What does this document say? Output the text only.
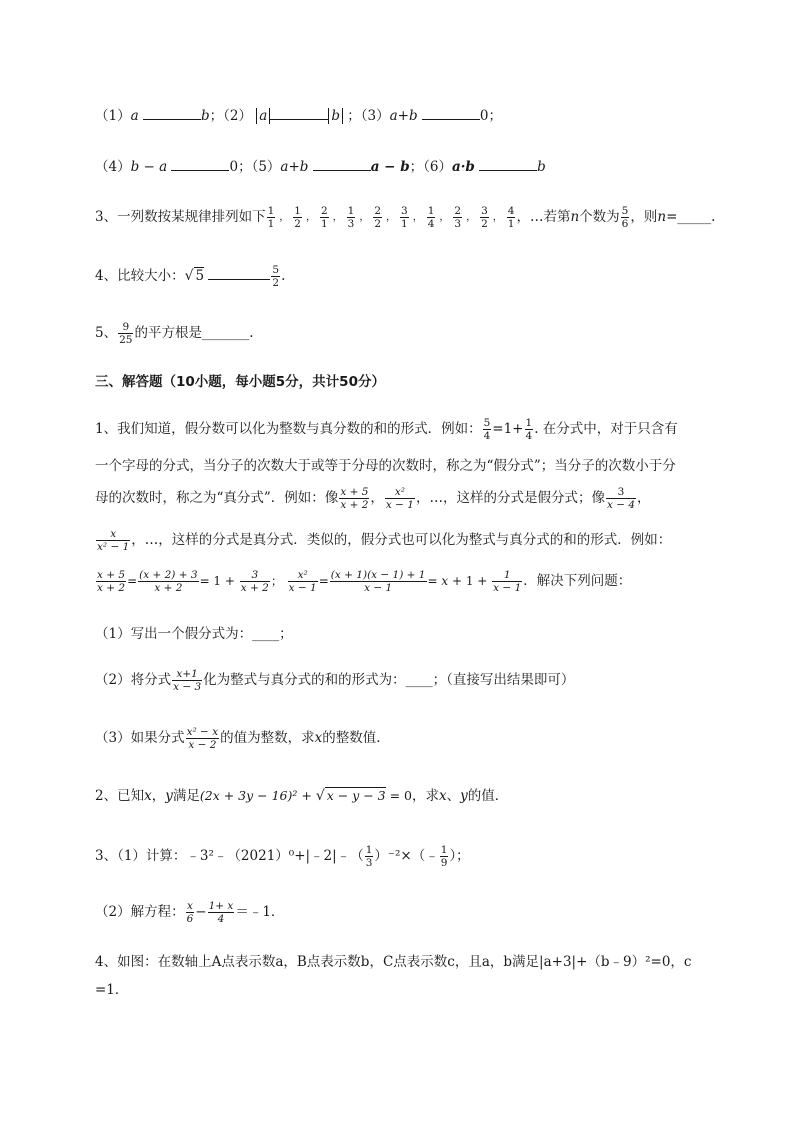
（1）a	b；（2） a	b ；（3）a+b	0；
（4）b − a	0；（5）a+b	a − b；（6）a·b	b
3、一列数按某规律排列如下 $\frac{1}{1}$ ， $\frac{1}{2}$ ， $\frac{2}{1}$ ， $\frac{1}{3}$ ， $\frac{2}{2}$ ， $\frac{3}{1}$ ， $\frac{1}{4}$ ， $\frac{2}{3}$ ， $\frac{3}{2}$ ， $\frac{4}{1}$ ，…若第n个数为 $\frac{5}{6}$ ，则n=_____.
4、比较大小：√ 5	$\frac{5}{2}$ .
5、 $\frac{9}{25}$ 的平方根是_______.
三、解答题（10小题，每小题5分，共计50分）
1、我们知道，假分数可以化为整数与真分数的和的形式．例如： $\frac{5}{4} =1+ \frac{1}{4}$ . 在分式中，对于只含有
一个字母的分式，当分子的次数大于或等于分母的次数时，称之为“假分式”；当分子的次数小于分
母的次数时，称之为“真分式”．例如：像 $\frac{x + 5}{x + 2}$ ， $\frac{\text{x²}}{x - 1}$ ，…，这样的分式是假分式；像 $\frac{3}{x - 4}$ ，
$\frac{x}{\text{x² − 1}}$ ，…，这样的分式是真分式．类似的，假分式也可以化为整式与真分式的和的形式．例如：
$\frac{x + 5}{x + 2} = \frac{(x + 2) + 3}{x + 2} = 1 + \frac{3}{x + 2}$ ； $\frac{\text{x²}}{x - 1} = \frac{(x + 1)(x - 1) + 1}{x - 1} = x + 1 + \frac{1}{x - 1}$ ．解决下列问题：
（1）写出一个假分式为：____；
（2）将分式 $\frac{x+1}{x - 3}$ 化为整式与真分式的和的形式为：____；（直接写出结果即可）
（3）如果分式 $\frac{\text{x² − x}}{x - 2}$ 的值为整数，求x的整数值．
2、已知x，y满足(2x + 3y − 16)² + √ x − y − 3 = 0，求x、y的值．
3、（1）计算：﹣3²﹣（2021）⁰+|﹣2|﹣（ $\frac{1}{3}$ ）⁻²×（﹣ $\frac{1}{9}$ ）；
（2）解方程： $\frac{x}{6} - \frac{1+ x}{4}$ ＝﹣1．
4、如图：在数轴上A点表示数a，B点表示数b，C点表示数c，且a，b满足|a+3|+（b﹣9）²=0，c
=1．
